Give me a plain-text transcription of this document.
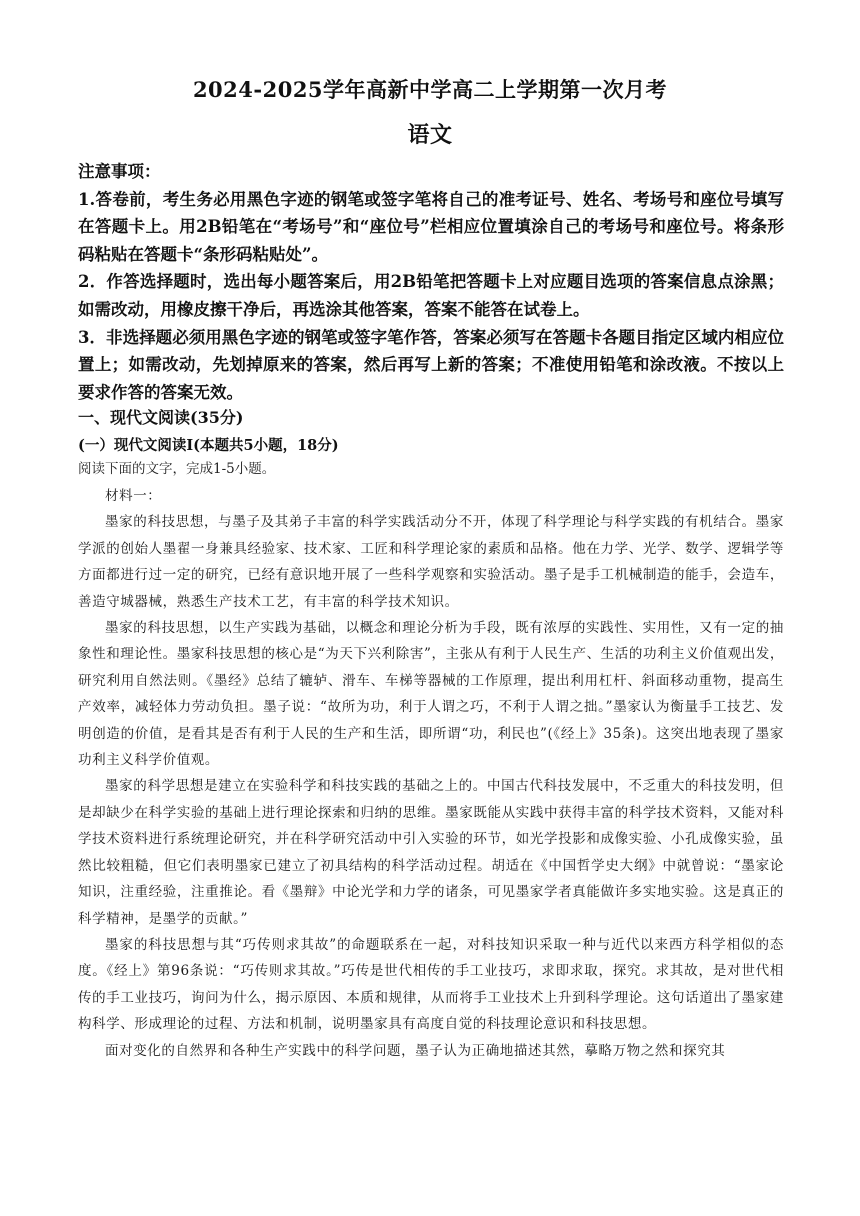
2024-2025学年高新中学高二上学期第一次月考
语文

注意事项：

1.答卷前，考生务必用黑色字迹的钢笔或签字笔将自己的准考证号、姓名、考场号和座位号填写在答题卡上。用2B铅笔在“考场号”和“座位号”栏相应位置填涂自己的考场号和座位号。将条形码粘贴在答题卡“条形码粘贴处”。

2．作答选择题时，选出每小题答案后，用2B铅笔把答题卡上对应题目选项的答案信息点涂黑；如需改动，用橡皮擦干净后，再选涂其他答案，答案不能答在试卷上。

3．非选择题必须用黑色字迹的钢笔或签字笔作答，答案必须写在答题卡各题目指定区域内相应位置上；如需改动，先划掉原来的答案，然后再写上新的答案；不准使用铅笔和涂改液。不按以上要求作答的答案无效。

一、现代文阅读(35分)

(一）现代文阅读Ⅰ(本题共5小题，18分)

阅读下面的文字，完成1-5小题。

材料一：

墨家的科技思想，与墨子及其弟子丰富的科学实践活动分不开，体现了科学理论与科学实践的有机结合。墨家学派的创始人墨翟一身兼具经验家、技术家、工匠和科学理论家的素质和品格。他在力学、光学、数学、逻辑学等方面都进行过一定的研究，已经有意识地开展了一些科学观察和实验活动。墨子是手工机械制造的能手，会造车，善造守城器械，熟悉生产技术工艺，有丰富的科学技术知识。

墨家的科技思想，以生产实践为基础，以概念和理论分析为手段，既有浓厚的实践性、实用性，又有一定的抽象性和理论性。墨家科技思想的核心是“为天下兴利除害”，主张从有利于人民生产、生活的功利主义价值观出发，研究利用自然法则。《墨经》总结了辘轳、滑车、车梯等器械的工作原理，提出利用杠杆、斜面移动重物，提高生产效率，减轻体力劳动负担。墨子说：“故所为功，利于人谓之巧，不利于人谓之拙。”墨家认为衡量手工技艺、发明创造的价值，是看其是否有利于人民的生产和生活，即所谓“功，利民也”(《经上》35条)。这突出地表现了墨家功利主义科学价值观。

墨家的科学思想是建立在实验科学和科技实践的基础之上的。中国古代科技发展中，不乏重大的科技发明，但是却缺少在科学实验的基础上进行理论探索和归纳的思维。墨家既能从实践中获得丰富的科学技术资料，又能对科学技术资料进行系统理论研究，并在科学研究活动中引入实验的环节，如光学投影和成像实验、小孔成像实验，虽然比较粗糙，但它们表明墨家已建立了初具结构的科学活动过程。胡适在《中国哲学史大纲》中就曾说：“墨家论知识，注重经验，注重推论。看《墨辩》中论光学和力学的诸条，可见墨家学者真能做许多实地实验。这是真正的科学精神，是墨学的贡献。”

墨家的科技思想与其“巧传则求其故”的命题联系在一起，对科技知识采取一种与近代以来西方科学相似的态度。《经上》第96条说：“巧传则求其故。”巧传是世代相传的手工业技巧，求即求取，探究。求其故，是对世代相传的手工业技巧，询问为什么，揭示原因、本质和规律，从而将手工业技术上升到科学理论。这句话道出了墨家建构科学、形成理论的过程、方法和机制，说明墨家具有高度自觉的科技理论意识和科技思想。

面对变化的自然界和各种生产实践中的科学问题，墨子认为正确地描述其然，摹略万物之然和探究其
